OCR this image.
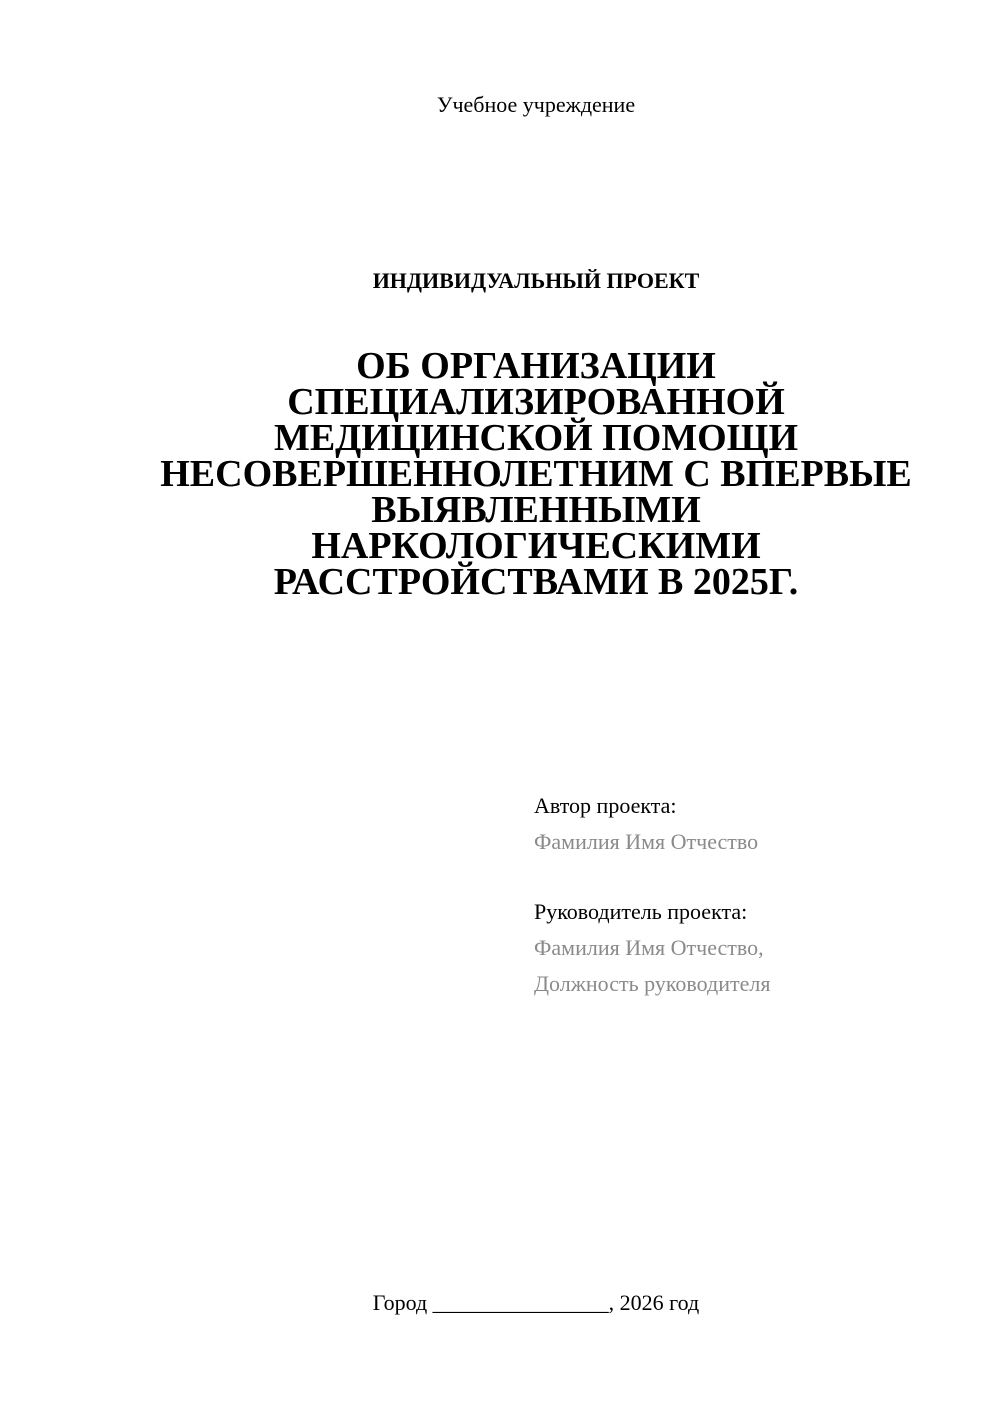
Учебное учреждение
ИНДИВИДУАЛЬНЫЙ ПРОЕКТ
ОБ ОРГАНИЗАЦИИ
СПЕЦИАЛИЗИРОВАННОЙ
МЕДИЦИНСКОЙ ПОМОЩИ
НЕСОВЕРШЕННОЛЕТНИМ С ВПЕРВЫЕ
ВЫЯВЛЕННЫМИ
НАРКОЛОГИЧЕСКИМИ
РАССТРОЙСТВАМИ В 2025Г.
Автор проекта:
Фамилия Имя Отчество
Руководитель проекта:
Фамилия Имя Отчество,
Должность руководителя
Город ________________, 2026 год
